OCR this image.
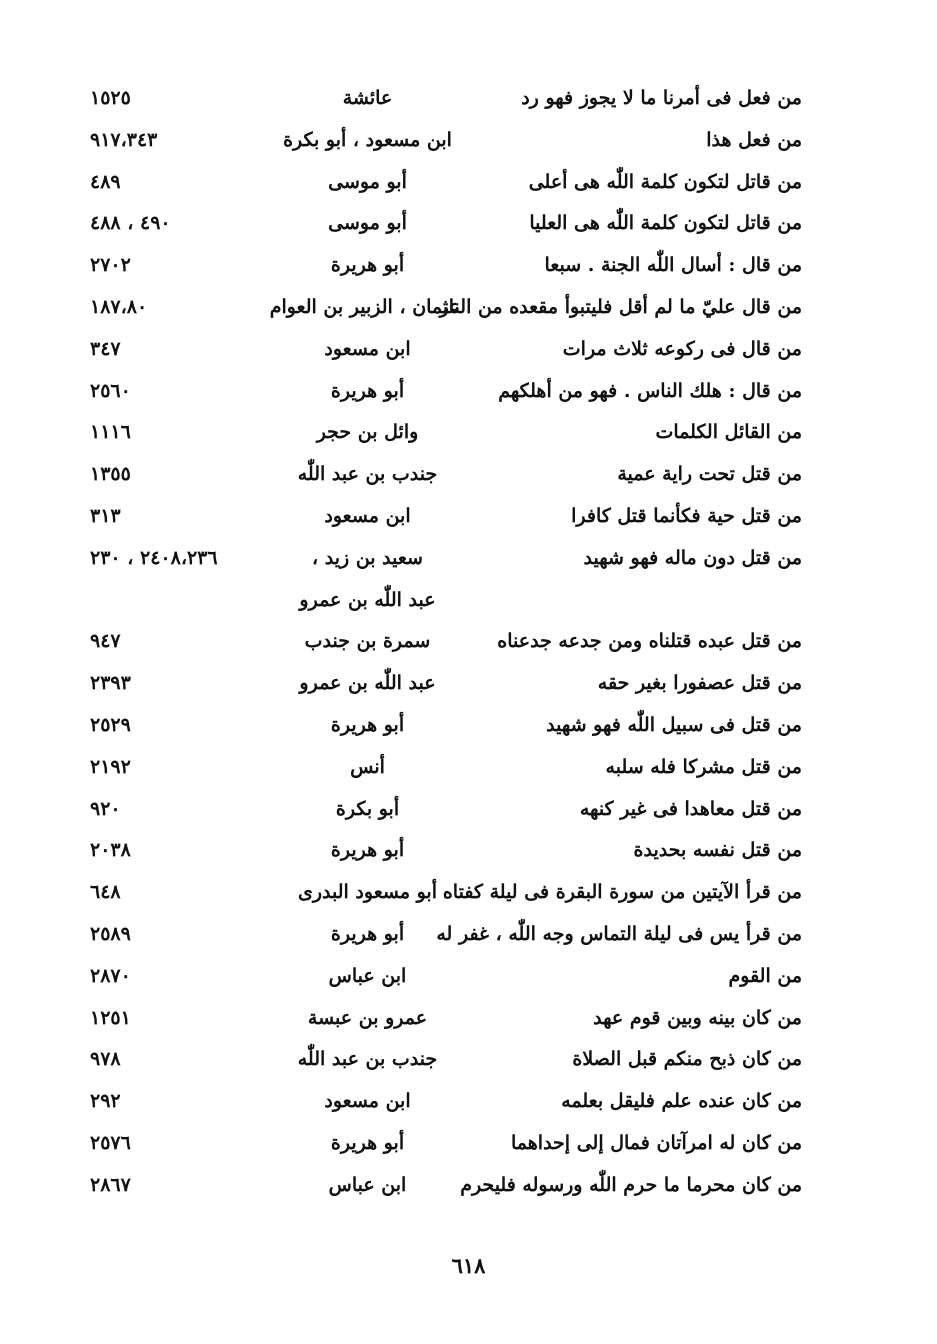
من فعل فى أمرنا ما لا يجوز فهو رد
عائشة
١٥٢٥
من فعل هذا
ابن مسعود ، أبو بكرة
٩١٧،٣٤٣
من قاتل لتكون كلمة اللّٰه هى أعلى
أبو موسى
٤٨٩
من قاتل لتكون كلمة اللّٰه هى العليا
أبو موسى
٤٩٠ ، ٤٨٨
من قال : أسال اللّٰه الجنة . سبعا
أبو هريرة
٢٧٠٢
من قال عليّ ما لم أقل فليتبوأ مقعده من النار
عثمان ، الزبير بن العوام
١٨٧،٨٠
من قال فى ركوعه ثلاث مرات
ابن مسعود
٣٤٧
من قال : هلك الناس . فهو من أهلكهم
أبو هريرة
٢٥٦٠
من القائل الكلمات
وائل بن حجر
١١١٦
من قتل تحت راية عمية
جندب بن عبد اللّٰه
١٣٥٥
من قتل حية فكأنما قتل كافرا
ابن مسعود
٣١٣
من قتل دون ماله فهو شهيد
سعيد بن زيد ،
عبد اللّٰه بن عمرو
٢٤٠٨،٢٣٦ ، ٢٣٠
من قتل عبده قتلناه ومن جدعه جدعناه
سمرة بن جندب
٩٤٧
من قتل عصفورا بغير حقه
عبد اللّٰه بن عمرو
٢٣٩٣
من قتل فى سبيل اللّٰه فهو شهيد
أبو هريرة
٢٥٢٩
من قتل مشركا فله سلبه
أنس
٢١٩٢
من قتل معاهدا فى غير كنهه
أبو بكرة
٩٢٠
من قتل نفسه بحديدة
أبو هريرة
٢٠٣٨
من قرأ الآيتين من سورة البقرة فى ليلة كفتاه
أبو مسعود البدرى
٦٤٨
من قرأ يس فى ليلة التماس وجه اللّٰه ، غفر له
أبو هريرة
٢٥٨٩
من القوم
ابن عباس
٢٨٧٠
من كان بينه وبين قوم عهد
عمرو بن عبسة
١٢٥١
من كان ذبح منكم قبل الصلاة
جندب بن عبد اللّٰه
٩٧٨
من كان عنده علم فليقل بعلمه
ابن مسعود
٢٩٢
من كان له امرآتان فمال إلى إحداهما
أبو هريرة
٢٥٧٦
من كان محرما ما حرم اللّٰه ورسوله فليحرم
ابن عباس
٢٨٦٧
٦١٨
